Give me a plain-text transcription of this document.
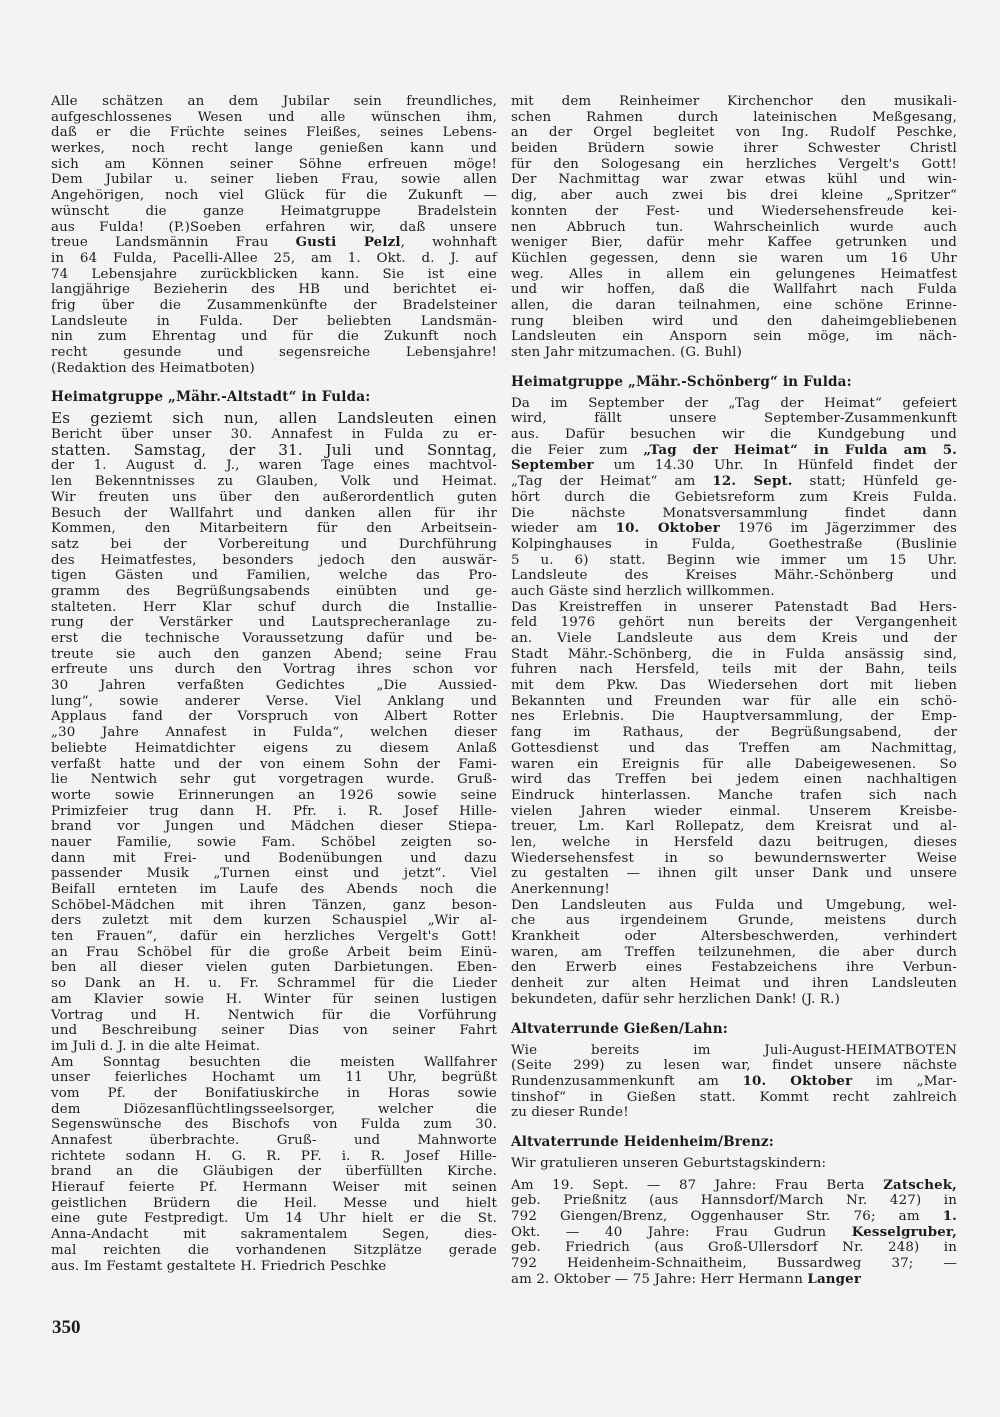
Alle schätzen an dem Jubilar sein freundliches,
aufgeschlossenes Wesen und alle wünschen ihm,
daß er die Früchte seines Fleißes, seines Lebens-
werkes, noch recht lange genießen kann und
sich am Können seiner Söhne erfreuen möge!
Dem Jubilar u. seiner lieben Frau, sowie allen
Angehörigen, noch viel Glück für die Zukunft —
wünscht die ganze Heimatgruppe Bradelstein
aus Fulda! (P.)Soeben erfahren wir, daß unsere
treue Landsmännin Frau Gusti Pelzl, wohnhaft
in 64 Fulda, Pacelli-Allee 25, am 1. Okt. d. J. auf
74 Lebensjahre zurückblicken kann. Sie ist eine
langjährige Bezieherin des HB und berichtet ei-
frig über die Zusammenkünfte der Bradelsteiner
Landsleute in Fulda. Der beliebten Landsmän-
nin zum Ehrentag und für die Zukunft noch
recht gesunde und segensreiche Lebensjahre!
(Redaktion des Heimatboten)
Heimatgruppe „Mähr.-Altstadt“ in Fulda:
Es geziemt sich nun, allen Landsleuten einen
Bericht über unser 30. Annafest in Fulda zu er-
statten. Samstag, der 31. Juli und Sonntag,
der 1. August d. J., waren Tage eines machtvol-
len Bekenntnisses zu Glauben, Volk und Heimat.
Wir freuten uns über den außerordentlich guten
Besuch der Wallfahrt und danken allen für ihr
Kommen, den Mitarbeitern für den Arbeitsein-
satz bei der Vorbereitung und Durchführung
des Heimatfestes, besonders jedoch den auswär-
tigen Gästen und Familien, welche das Pro-
gramm des Begrüßungsabends einübten und ge-
stalteten. Herr Klar schuf durch die Installie-
rung der Verstärker und Lautsprecheranlage zu-
erst die technische Voraussetzung dafür und be-
treute sie auch den ganzen Abend; seine Frau
erfreute uns durch den Vortrag ihres schon vor
30 Jahren verfaßten Gedichtes „Die Aussied-
lung“, sowie anderer Verse. Viel Anklang und
Applaus fand der Vorspruch von Albert Rotter
„30 Jahre Annafest in Fulda“, welchen dieser
beliebte Heimatdichter eigens zu diesem Anlaß
verfaßt hatte und der von einem Sohn der Fami-
lie Nentwich sehr gut vorgetragen wurde. Gruß-
worte sowie Erinnerungen an 1926 sowie seine
Primizfeier trug dann H. Pfr. i. R. Josef Hille-
brand vor Jungen und Mädchen dieser Stiepa-
nauer Familie, sowie Fam. Schöbel zeigten so-
dann mit Frei- und Bodenübungen und dazu
passender Musik „Turnen einst und jetzt“. Viel
Beifall ernteten im Laufe des Abends noch die
Schöbel-Mädchen mit ihren Tänzen, ganz beson-
ders zuletzt mit dem kurzen Schauspiel „Wir al-
ten Frauen“, dafür ein herzliches Vergelt's Gott!
an Frau Schöbel für die große Arbeit beim Einü-
ben all dieser vielen guten Darbietungen. Eben-
so Dank an H. u. Fr. Schrammel für die Lieder
am Klavier sowie H. Winter für seinen lustigen
Vortrag und H. Nentwich für die Vorführung
und Beschreibung seiner Dias von seiner Fahrt
im Juli d. J. in die alte Heimat.
Am Sonntag besuchten die meisten Wallfahrer
unser feierliches Hochamt um 11 Uhr, begrüßt
vom Pf. der Bonifatiuskirche in Horas sowie
dem Diözesanflüchtlingsseelsorger, welcher die
Segenswünsche des Bischofs von Fulda zum 30.
Annafest überbrachte. Gruß- und Mahnworte
richtete sodann H. G. R. PF. i. R. Josef Hille-
brand an die Gläubigen der überfüllten Kirche.
Hierauf feierte Pf. Hermann Weiser mit seinen
geistlichen Brüdern die Heil. Messe und hielt
eine gute Festpredigt. Um 14 Uhr hielt er die St.
Anna-Andacht mit sakramentalem Segen, dies-
mal reichten die vorhandenen Sitzplätze gerade
aus. Im Festamt gestaltete H. Friedrich Peschke
mit dem Reinheimer Kirchenchor den musikali-
schen Rahmen durch lateinischen Meßgesang,
an der Orgel begleitet von Ing. Rudolf Peschke,
beiden Brüdern sowie ihrer Schwester Christl
für den Sologesang ein herzliches Vergelt's Gott!
Der Nachmittag war zwar etwas kühl und win-
dig, aber auch zwei bis drei kleine „Spritzer“
konnten der Fest- und Wiedersehensfreude kei-
nen Abbruch tun. Wahrscheinlich wurde auch
weniger Bier, dafür mehr Kaffee getrunken und
Küchlen gegessen, denn sie waren um 16 Uhr
weg. Alles in allem ein gelungenes Heimatfest
und wir hoffen, daß die Wallfahrt nach Fulda
allen, die daran teilnahmen, eine schöne Erinne-
rung bleiben wird und den daheimgebliebenen
Landsleuten ein Ansporn sein möge, im näch-
sten Jahr mitzumachen. (G. Buhl)
Heimatgruppe „Mähr.-Schönberg“ in Fulda:
Da im September der „Tag der Heimat“ gefeiert
wird, fällt unsere September-Zusammenkunft
aus. Dafür besuchen wir die Kundgebung und
die Feier zum „Tag der Heimat“ in Fulda am 5.
September um 14.30 Uhr. In Hünfeld findet der
„Tag der Heimat“ am 12. Sept. statt; Hünfeld ge-
hört durch die Gebietsreform zum Kreis Fulda.
Die nächste Monatsversammlung findet dann
wieder am 10. Oktober 1976 im Jägerzimmer des
Kolpinghauses in Fulda, Goethestraße (Buslinie
5 u. 6) statt. Beginn wie immer um 15 Uhr.
Landsleute des Kreises Mähr.-Schönberg und
auch Gäste sind herzlich willkommen.
Das Kreistreffen in unserer Patenstadt Bad Hers-
feld 1976 gehört nun bereits der Vergangenheit
an. Viele Landsleute aus dem Kreis und der
Stadt Mähr.-Schönberg, die in Fulda ansässig sind,
fuhren nach Hersfeld, teils mit der Bahn, teils
mit dem Pkw. Das Wiedersehen dort mit lieben
Bekannten und Freunden war für alle ein schö-
nes Erlebnis. Die Hauptversammlung, der Emp-
fang im Rathaus, der Begrüßungsabend, der
Gottesdienst und das Treffen am Nachmittag,
waren ein Ereignis für alle Dabeigewesenen. So
wird das Treffen bei jedem einen nachhaltigen
Eindruck hinterlassen. Manche trafen sich nach
vielen Jahren wieder einmal. Unserem Kreisbe-
treuer, Lm. Karl Rollepatz, dem Kreisrat und al-
len, welche in Hersfeld dazu beitrugen, dieses
Wiedersehensfest in so bewundernswerter Weise
zu gestalten — ihnen gilt unser Dank und unsere
Anerkennung!
Den Landsleuten aus Fulda und Umgebung, wel-
che aus irgendeinem Grunde, meistens durch
Krankheit oder Altersbeschwerden, verhindert
waren, am Treffen teilzunehmen, die aber durch
den Erwerb eines Festabzeichens ihre Verbun-
denheit zur alten Heimat und ihren Landsleuten
bekundeten, dafür sehr herzlichen Dank! (J. R.)
Altvaterrunde Gießen/Lahn:
Wie bereits im Juli-August-HEIMATBOTEN
(Seite 299) zu lesen war, findet unsere nächste
Rundenzusammenkunft am 10. Oktober im „Mar-
tinshof“ in Gießen statt. Kommt recht zahlreich
zu dieser Runde!
Altvaterrunde Heidenheim/Brenz:
Wir gratulieren unseren Geburtstagskindern:
Am 19. Sept. — 87 Jahre: Frau Berta Zatschek,
geb. Prießnitz (aus Hannsdorf/March Nr. 427) in
792 Giengen/Brenz, Oggenhauser Str. 76; am 1.
Okt. — 40 Jahre: Frau Gudrun Kesselgruber,
geb. Friedrich (aus Groß-Ullersdorf Nr. 248) in
792 Heidenheim-Schnaitheim, Bussardweg 37; —
am 2. Oktober — 75 Jahre: Herr Hermann Langer
350
